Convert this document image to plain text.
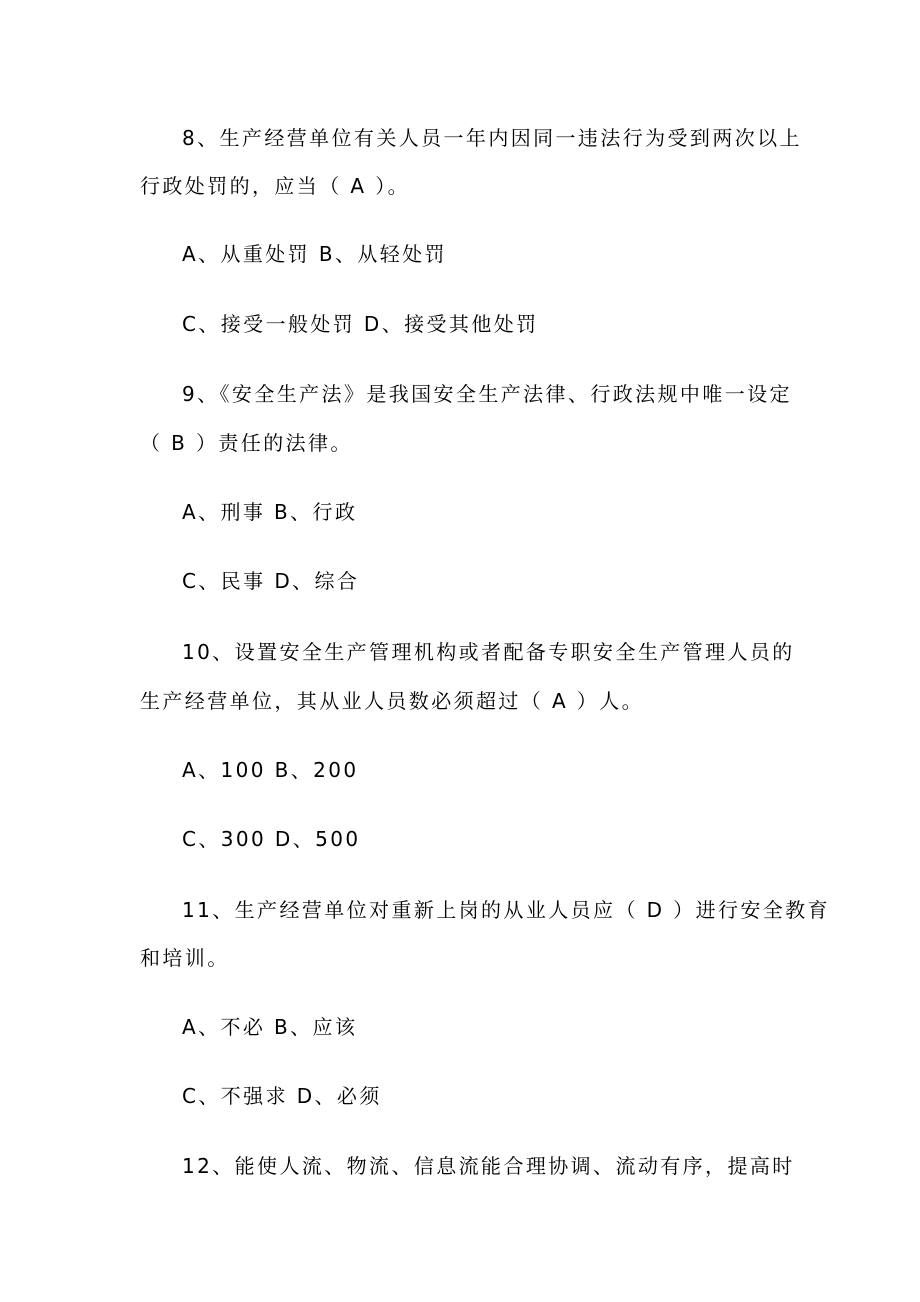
8、生产经营单位有关人员一年内因同一违法行为受到两次以上
行政处罚的，应当（ A ）。
A、从重处罚 B、从轻处罚
C、接受一般处罚 D、接受其他处罚
9、《安全生产法》是我国安全生产法律、行政法规中唯一设定
（ B ）责任的法律。
A、刑事 B、行政
C、民事 D、综合
10、设置安全生产管理机构或者配备专职安全生产管理人员的
生产经营单位，其从业人员数必须超过（ A ）人。
A、100 B、200
C、300 D、500
11、生产经营单位对重新上岗的从业人员应（ D ）进行安全教育
和培训。
A、不必 B、应该
C、不强求 D、必须
12、能使人流、物流、信息流能合理协调、流动有序，提高时
